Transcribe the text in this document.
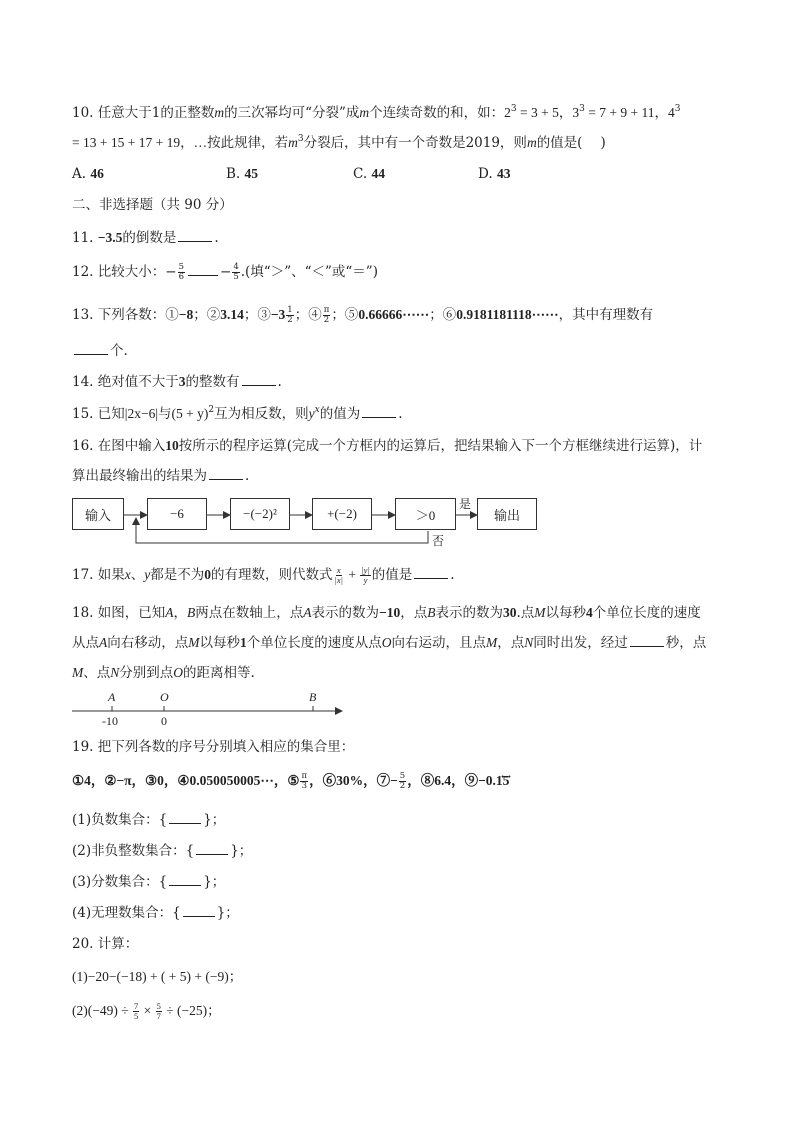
10. 任意大于1的正整数m的三次幂均可“分裂”成m个连续奇数的和，如：$2^3 = 3 + 5$，$3^3 = 7 + 9 + 11$，$4^3$
= 13 + 15 + 17 + 19，…按此规律，若$m^3$分裂后，其中有一个奇数是2019，则m的值是( )
A. 46	B. 45	C. 44	D. 43
二、非选择题（共 90 分）
11. −3.5的倒数是	.
12. 比较大小：− $\frac{5}{6}$	− $\frac{4}{5}$ .(填“＞”、“＜”或“＝”)
13. 下列各数：①−8；②3.14；③−3 $\frac{1}{2}$ ；④ $\frac{\pi}{2}$ ；⑤0.66666⋯⋯；⑥0.9181181118⋯⋯，其中有理数有
个.
14. 绝对值不大于3的整数有	.
15. 已知|2x−6|与$(5 + y)^2$互为相反数，则$y^x$的值为	.
16. 在图中输入10按所示的程序运算(完成一个方框内的运算后，把结果输入下一个方框继续进行运算)，计
算出最终输出的结果为	.
输入	−6	−(−2)²	+(−2)	＞0	输出
是
否
17. 如果x、y都是不为0的有理数，则代数式 $\frac{x}{|x|} + \frac{|y|}{y}$ 的值是	.
18. 如图，已知A，B两点在数轴上，点A表示的数为−10，点B表示的数为30.点M以每秒4个单位长度的速度
从点A向右移动，点M以每秒1个单位长度的速度从点O向右运动，且点M，点N同时出发，经过	秒，点
M、点N分别到点O的距离相等.
A	O	B
-10	0
19. 把下列各数的序号分别填入相应的集合里：
①4，②−π，③0，④0.050050005⋯，⑤ $\frac{\pi}{3}$ ，⑥30%，⑦− $\frac{5}{2}$ ，⑧6.4，⑨−0.1̇5̇
(1)负数集合：{	}；
(2)非负整数集合：{	}；
(3)分数集合：{	}；
(4)无理数集合：{	}；
20. 计算：
(1)−20−(−18) + ( + 5) + (−9)；
$(2)(-49) \div \frac{7}{5} \times \frac{5}{7} \div (-25)$；
